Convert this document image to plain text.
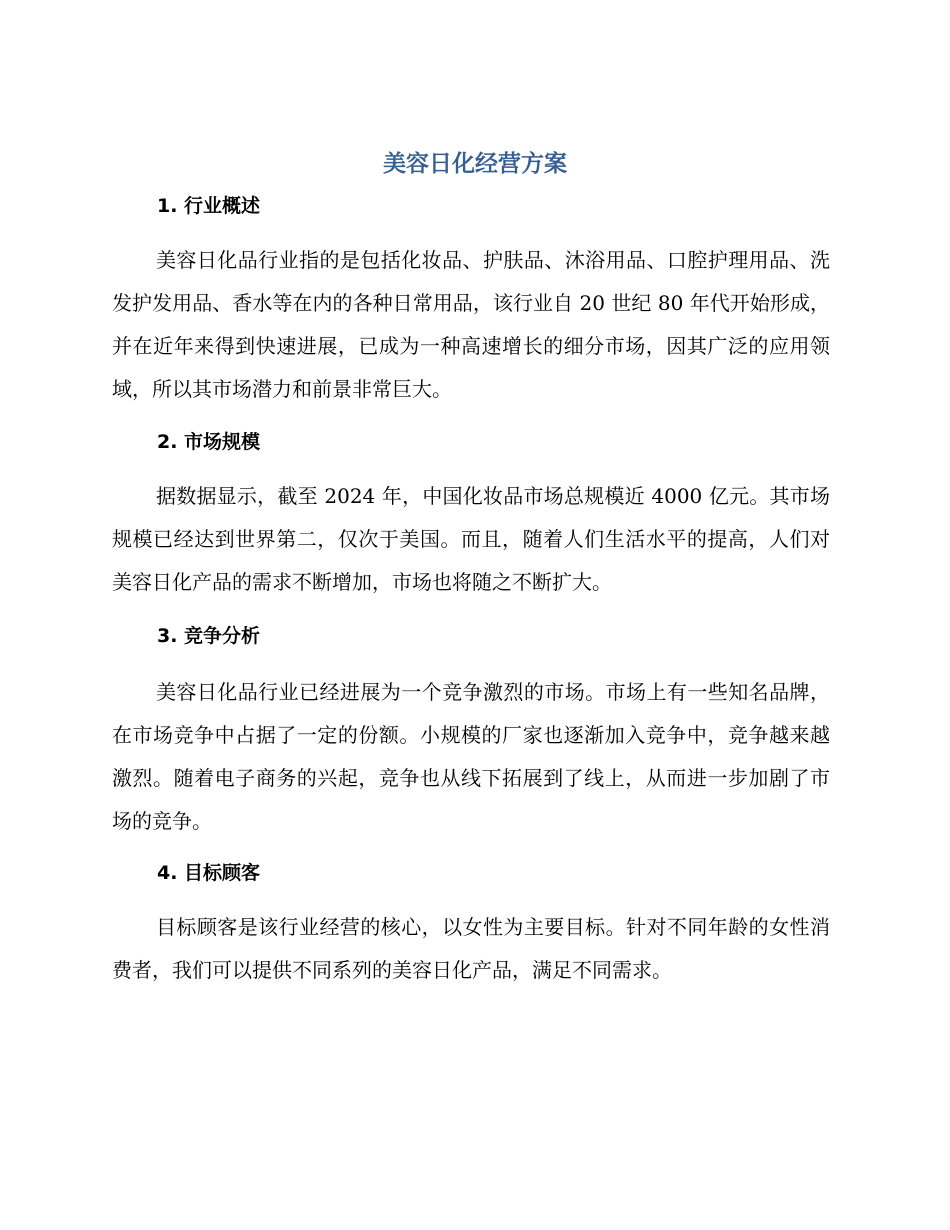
美容日化经营方案
1. 行业概述

美容日化品行业指的是包括化妆品、护肤品、沐浴用品、口腔护理用品、洗发护发用品、香水等在内的各种日常用品，该行业自 20 世纪 80 年代开始形成，并在近年来得到快速进展，已成为一种高速增长的细分市场，因其广泛的应用领域，所以其市场潜力和前景非常巨大。

2. 市场规模

据数据显示，截至 2024 年，中国化妆品市场总规模近 4000 亿元。其市场规模已经达到世界第二，仅次于美国。而且，随着人们生活水平的提高，人们对美容日化产品的需求不断增加，市场也将随之不断扩大。

3. 竞争分析

美容日化品行业已经进展为一个竞争激烈的市场。市场上有一些知名品牌，在市场竞争中占据了一定的份额。小规模的厂家也逐渐加入竞争中，竞争越来越激烈。随着电子商务的兴起，竞争也从线下拓展到了线上，从而进一步加剧了市场的竞争。

4. 目标顾客

目标顾客是该行业经营的核心，以女性为主要目标。针对不同年龄的女性消费者，我们可以提供不同系列的美容日化产品，满足不同需求。
